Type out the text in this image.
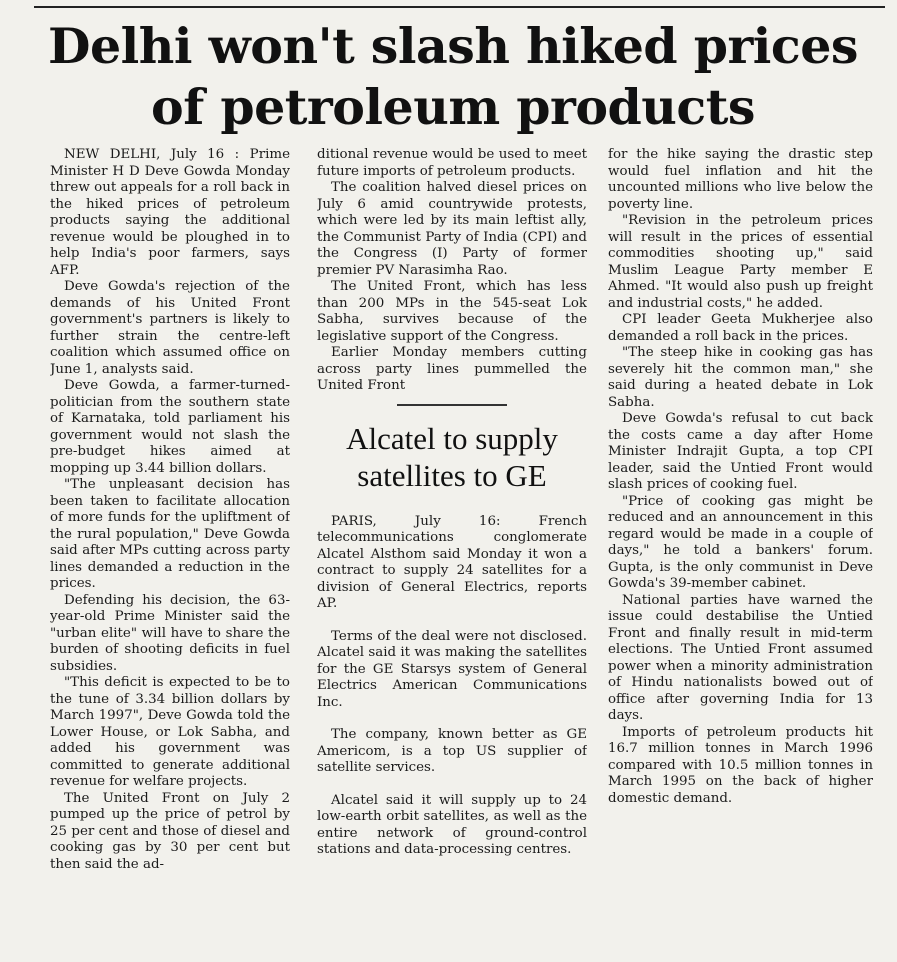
Delhi won't slash hiked prices of petroleum products

NEW DELHI, July 16 : Prime Minister H D Deve Gowda Monday threw out appeals for a roll back in the hiked prices of petroleum products saying the additional revenue would be ploughed in to help India's poor farmers, says AFP.

Deve Gowda's rejection of the demands of his United Front government's partners is likely to further strain the centre-left coalition which assumed office on June 1, analysts said.

Deve Gowda, a farmer-turned-politician from the southern state of Karnataka, told parliament his government would not slash the pre-budget hikes aimed at mopping up 3.44 billion dollars.

"The unpleasant decision has been taken to facilitate allocation of more funds for the upliftment of the rural population," Deve Gowda said after MPs cutting across party lines demanded a reduction in the prices.

Defending his decision, the 63-year-old Prime Minister said the "urban elite" will have to share the burden of shooting deficits in fuel subsidies.

"This deficit is expected to be to the tune of 3.34 billion dollars by March 1997", Deve Gowda told the Lower House, or Lok Sabha, and added his government was committed to generate additional revenue for welfare projects.

The United Front on July 2 pumped up the price of petrol by 25 per cent and those of diesel and cooking gas by 30 per cent but then said the ad-

ditional revenue would be used to meet future imports of petroleum products.

The coalition halved diesel prices on July 6 amid countrywide protests, which were led by its main leftist ally, the Communist Party of India (CPI) and the Congress (I) Party of former premier PV Narasimha Rao.

The United Front, which has less than 200 MPs in the 545-seat Lok Sabha, survives because of the legislative support of the Congress.

Earlier Monday members cutting across party lines pummelled the United Front

Alcatel to supply satellites to GE

PARIS, July 16: French telecommunications conglomerate Alcatel Alsthom said Monday it won a contract to supply 24 satellites for a division of General Electrics, reports AP.

Terms of the deal were not disclosed. Alcatel said it was making the satellites for the GE Starsys system of General Electrics American Communications Inc.

The company, known better as GE Americom, is a top US supplier of satellite services.

Alcatel said it will supply up to 24 low-earth orbit satellites, as well as the entire network of ground-control stations and data-processing centres.

for the hike saying the drastic step would fuel inflation and hit the uncounted millions who live below the poverty line.

"Revision in the petroleum prices will result in the prices of essential commodities shooting up," said Muslim League Party member E Ahmed. "It would also push up freight and industrial costs," he added.

CPI leader Geeta Mukherjee also demanded a roll back in the prices.

"The steep hike in cooking gas has severely hit the common man," she said during a heated debate in Lok Sabha.

Deve Gowda's refusal to cut back the costs came a day after Home Minister Indrajit Gupta, a top CPI leader, said the Untied Front would slash prices of cooking fuel.

"Price of cooking gas might be reduced and an announcement in this regard would be made in a couple of days," he told a bankers' forum. Gupta, is the only communist in Deve Gowda's 39-member cabinet.

National parties have warned the issue could destabilise the Untied Front and finally result in mid-term elections. The Untied Front assumed power when a minority administration of Hindu nationalists bowed out of office after governing India for 13 days.

Imports of petroleum products hit 16.7 million tonnes in March 1996 compared with 10.5 million tonnes in March 1995 on the back of higher domestic demand.
